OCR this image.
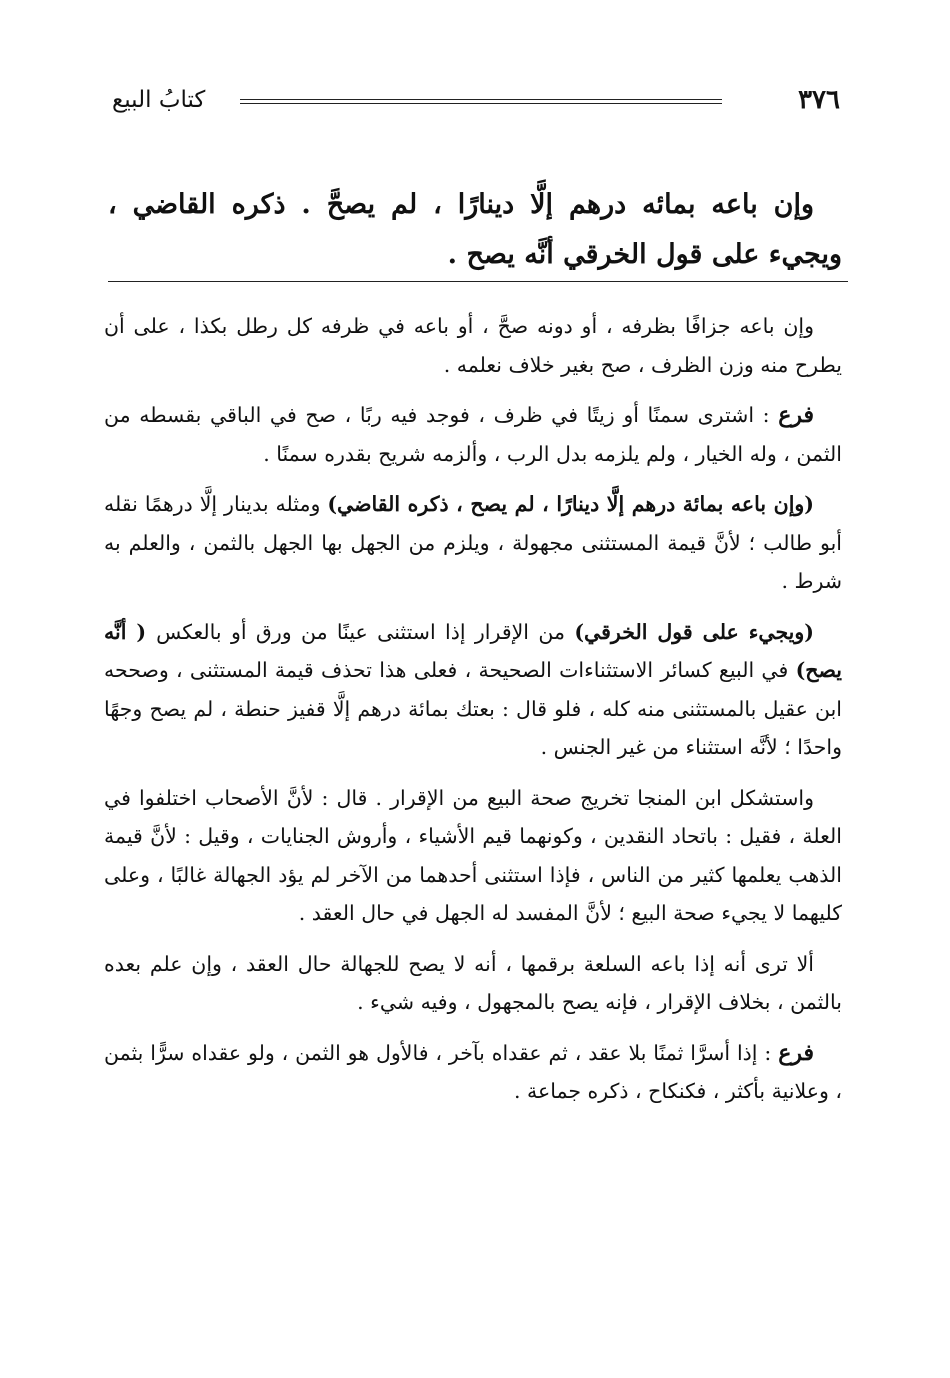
٣٧٦
كتابُ البيع
وإن باعه بمائه درهم إلَّا دينارًا ، لم يصحَّ . ذكره القاضي ، ويجيء على قول الخرقي أنَّه يصح .

وإن باعه جزافًا بظرفه ، أو دونه صحَّ ، أو باعه في ظرفه كل رطل بكذا ، على أن يطرح منه وزن الظرف ، صح بغير خلاف نعلمه .

فرع : اشترى سمنًا أو زيتًا في ظرف ، فوجد فيه ربًا ، صح في الباقي بقسطه من الثمن ، وله الخيار ، ولم يلزمه بدل الرب ، وألزمه شريح بقدره سمنًا .

(وإن باعه بمائة درهم إلَّا دينارًا ، لم يصح ، ذكره القاضي) ومثله بدينار إلَّا درهمًا نقله أبو طالب ؛ لأنَّ قيمة المستثنى مجهولة ، ويلزم من الجهل بها الجهل بالثمن ، والعلم به شرط .

(ويجيء على قول الخرقي) من الإقرار إذا استثنى عينًا من ورق أو بالعكس ( أنَّه يصح) في البيع كسائر الاستثناءات الصحيحة ، فعلى هذا تحذف قيمة المستثنى ، وصححه ابن عقيل بالمستثنى منه كله ، فلو قال : بعتك بمائة درهم إلَّا قفيز حنطة ، لم يصح وجهًا واحدًا ؛ لأنَّه استثناء من غير الجنس .

واستشكل ابن المنجا تخريج صحة البيع من الإقرار . قال : لأنَّ الأصحاب اختلفوا في العلة ، فقيل : باتحاد النقدين ، وكونهما قيم الأشياء ، وأروش الجنايات ، وقيل : لأنَّ قيمة الذهب يعلمها كثير من الناس ، فإذا استثنى أحدهما من الآخر لم يؤد الجهالة غالبًا ، وعلى كليهما لا يجيء صحة البيع ؛ لأنَّ المفسد له الجهل في حال العقد .

ألا ترى أنه إذا باعه السلعة برقمها ، أنه لا يصح للجهالة حال العقد ، وإن علم بعده بالثمن ، بخلاف الإقرار ، فإنه يصح بالمجهول ، وفيه شيء .

فرع : إذا أسرَّا ثمنًا بلا عقد ، ثم عقداه بآخر ، فالأول هو الثمن ، ولو عقداه سرًّا بثمن ، وعلانية بأكثر ، فكنكاح ، ذكره جماعة .
